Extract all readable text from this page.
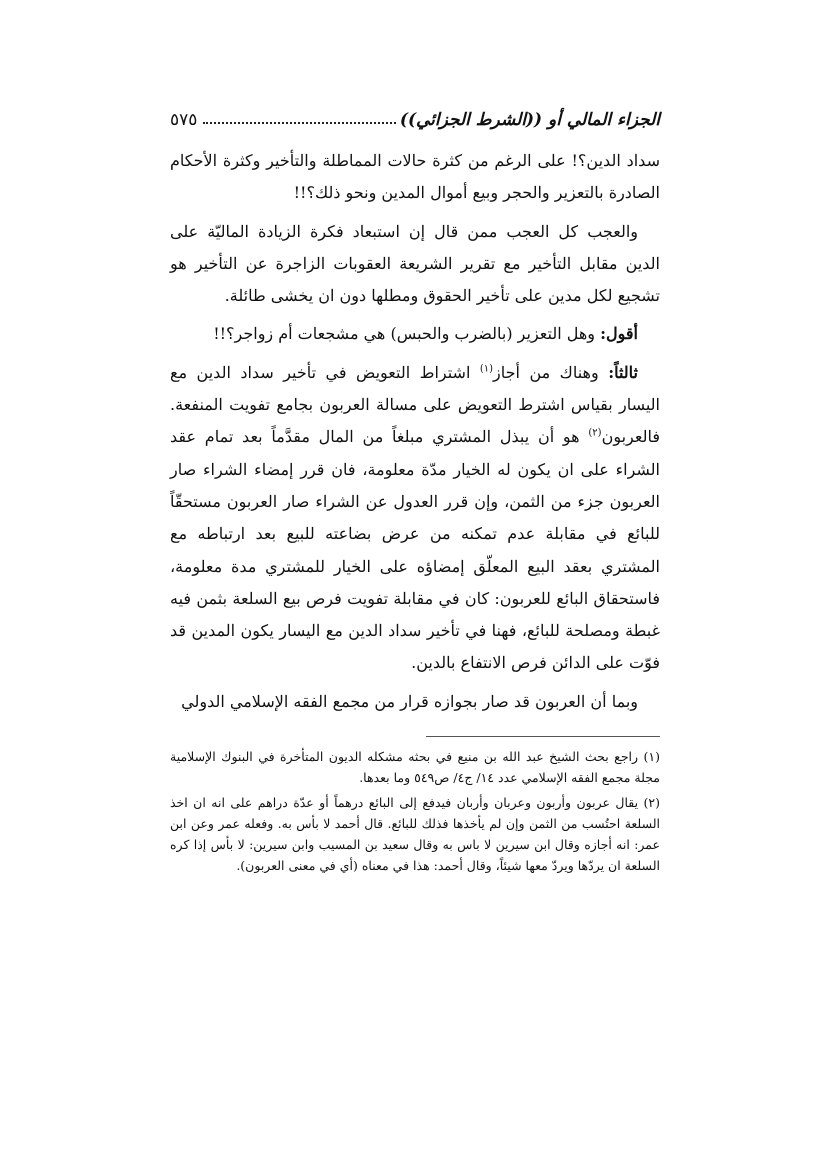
الجزاء المالي أو ((الشرط الجزائي))
٥٧٥

سداد الدين؟! على الرغم من كثرة حالات المماطلة والتأخير وكثرة الأحكام الصادرة بالتعزير والحجر وبيع أموال المدين ونحو ذلك؟!!

والعجب كل العجب ممن قال إن استبعاد فكرة الزيادة الماليّة على الدين مقابل التأخير مع تقرير الشريعة العقوبات الزاجرة عن التأخير هو تشجيع لكل مدين على تأخير الحقوق ومطلها دون ان يخشى طائلة.

أقول: وهل التعزير (بالضرب والحبس) هي مشجعات أم زواجر؟!!

ثالثاً: وهناك من أجاز$^{(١)}$ اشتراط التعويض في تأخير سداد الدين مع اليسار بقياس اشترط التعويض على مسالة العربون بجامع تفويت المنفعة. فالعربون$^{(٢)}$ هو أن يبذل المشتري مبلغاً من المال مقدَّماً بعد تمام عقد الشراء على ان يكون له الخيار مدّة معلومة، فان قرر إمضاء الشراء صار العربون جزء من الثمن، وإن قرر العدول عن الشراء صار العربون مستحقّاً للبائع في مقابلة عدم تمكنه من عرض بضاعته للبيع بعد ارتباطه مع المشتري بعقد البيع المعلّق إمضاؤه على الخيار للمشتري مدة معلومة، فاستحقاق البائع للعربون: كان في مقابلة تفويت فرص بيع السلعة بثمن فيه غبطة ومصلحة للبائع، فهنا في تأخير سداد الدين مع اليسار يكون المدين قد فوّت على الدائن فرص الانتفاع بالدين.

وبما أن العربون قد صار بجوازه قرار من مجمع الفقه الإسلامي الدولي

(١) راجع بحث الشيخ عبد الله بن منيع في بحثه مشكله الديون المتأخرة في البنوك الإسلامية مجلة مجمع الفقه الإسلامي عدد ١٤/ ج٤/ ص٥٤٩ وما بعدها.

(٢) يقال عربون وأربون وعربان وأربان فيدفع إلى البائع درهماً أو عدّة دراهم على انه ان اخذ السلعة احتُسب من الثمن وإن لم يأخذها فذلك للبائع. قال أحمد لا بأس به. وفعله عمر وعن ابن عمر: انه أجازه وقال ابن سيرين لا باس به وقال سعيد بن المسيب وابن سيرين: لا بأس إذا كره السلعة ان يردّها ويردّ معها شيئاً، وقال أحمد: هذا في معناه (أي في معنى العربون).
